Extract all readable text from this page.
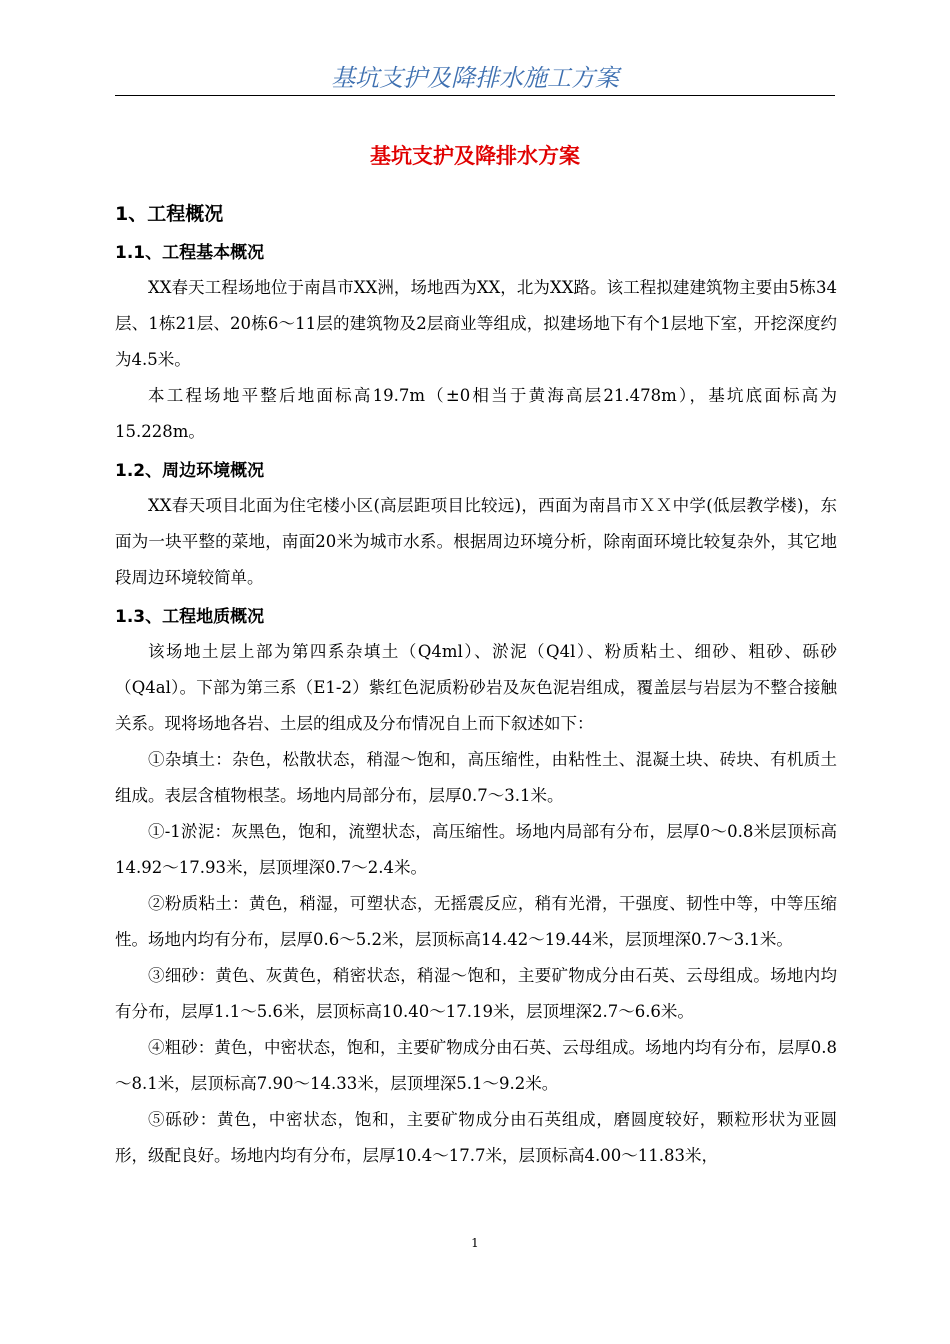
基坑支护及降排水施工方案
基坑支护及降排水方案
1、工程概况
1.1、工程基本概况

XX春天工程场地位于南昌市XX洲，场地西为XX，北为XX路。该工程拟建建筑物主要由5栋34层、1栋21层、20栋6～11层的建筑物及2层商业等组成，拟建场地下有个1层地下室，开挖深度约为4.5米。

本工程场地平整后地面标高19.7m（±0相当于黄海高层21.478m），基坑底面标高为15.228m。

1.2、周边环境概况

XX春天项目北面为住宅楼小区(高层距项目比较远)，西面为南昌市ＸＸ中学(低层教学楼)，东面为一块平整的菜地，南面20米为城市水系。根据周边环境分析，除南面环境比较复杂外，其它地段周边环境较简单。

1.3、工程地质概况

该场地土层上部为第四系杂填土（Q4ml）、淤泥（Q4l）、粉质粘土、细砂、粗砂、砾砂（Q4al）。下部为第三系（E1-2）紫红色泥质粉砂岩及灰色泥岩组成，覆盖层与岩层为不整合接触关系。现将场地各岩、土层的组成及分布情况自上而下叙述如下：

①杂填土：杂色，松散状态，稍湿～饱和，高压缩性，由粘性土、混凝土块、砖块、有机质土组成。表层含植物根茎。场地内局部分布，层厚0.7～3.1米。

①-1淤泥：灰黑色，饱和，流塑状态，高压缩性。场地内局部有分布，层厚0～0.8米层顶标高14.92～17.93米，层顶埋深0.7～2.4米。

②粉质粘土：黄色，稍湿，可塑状态，无摇震反应，稍有光滑，干强度、韧性中等，中等压缩性。场地内均有分布，层厚0.6～5.2米，层顶标高14.42～19.44米，层顶埋深0.7～3.1米。

③细砂：黄色、灰黄色，稍密状态，稍湿～饱和，主要矿物成分由石英、云母组成。场地内均有分布，层厚1.1～5.6米，层顶标高10.40～17.19米，层顶埋深2.7～6.6米。

④粗砂：黄色，中密状态，饱和，主要矿物成分由石英、云母组成。场地内均有分布，层厚0.8～8.1米，层顶标高7.90～14.33米，层顶埋深5.1～9.2米。

⑤砾砂：黄色，中密状态，饱和，主要矿物成分由石英组成，磨圆度较好，颗粒形状为亚圆形，级配良好。场地内均有分布，层厚10.4～17.7米，层顶标高4.00～11.83米，

1
